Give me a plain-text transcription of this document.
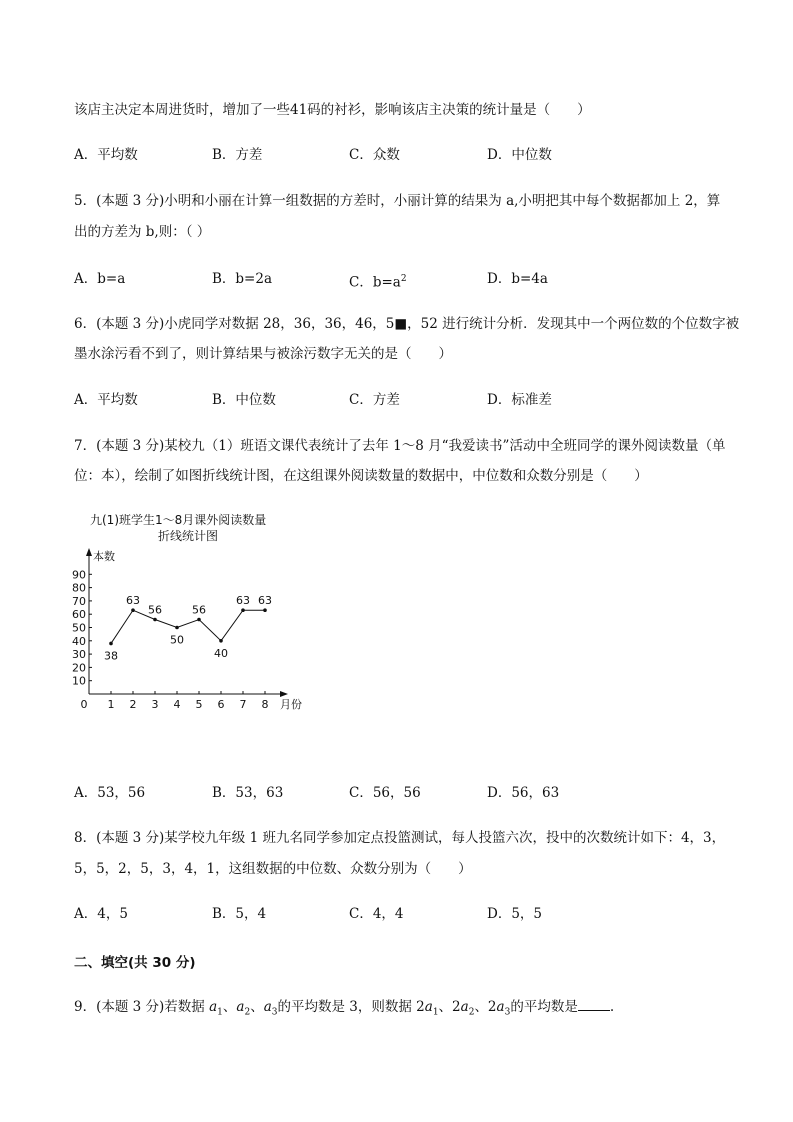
该店主决定本周进货时，增加了一些41码的衬衫，影响该店主决策的统计量是（　　）
A．平均数	B．方差	C．众数	D．中位数
5．(本题 3 分)小明和小丽在计算一组数据的方差时，小丽计算的结果为 a,小明把其中每个数据都加上 2，算
出的方差为 b,则：（ ）
A．b=a	B．b=2a	C．$b=a^2$	D．b=4a
6．(本题 3 分)小虎同学对数据 28，36，36，46，5■，52 进行统计分析．发现其中一个两位数的个位数字被
墨水涂污看不到了，则计算结果与被涂污数字无关的是（　　）
A．平均数	B．中位数	C．方差	D．标准差
7．(本题 3 分)某校九（1）班语文课代表统计了去年 1～8 月“我爱读书”活动中全班同学的课外阅读数量（单
位：本），绘制了如图折线统计图，在这组课外阅读数量的数据中，中位数和众数分别是（　　）
九(1)班学生1～8月课外阅读数量
折线统计图
本数
月份
0
10
20
30
40
50
60
70
80
90
1 2 3 4 5 6 7 8
38
63
56
50
56
40
63 63
A．53，56	B．53，63	C．56，56	D．56，63
8．(本题 3 分)某学校九年级 1 班九名同学参加定点投篮测试，每人投篮六次，投中的次数统计如下：4，3，
5，5，2，5，3，4，1，这组数据的中位数、众数分别为（　　）
A．4，5	B．5，4	C．4，4	D．5，5
二、填空(共 30 分)
9．(本题 3 分)若数据 $a_1$、$a_2$、$a_3$的平均数是 3，则数据 $2a_1$、$2a_2$、$2a_3$的平均数是 .
